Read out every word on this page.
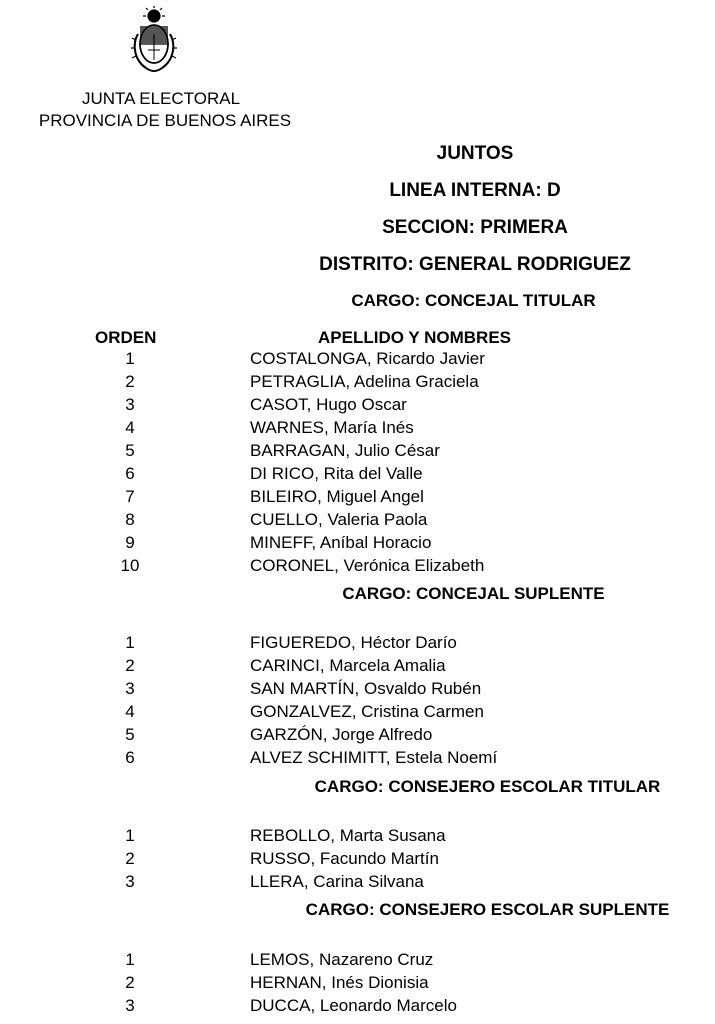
JUNTA ELECTORAL
PROVINCIA DE BUENOS AIRES
JUNTOS
LINEA INTERNA: D
SECCION: PRIMERA
DISTRITO: GENERAL RODRIGUEZ
CARGO: CONCEJAL TITULAR
ORDEN	APELLIDO Y NOMBRES
1	COSTALONGA, Ricardo Javier
2	PETRAGLIA, Adelina Graciela
3	CASOT, Hugo Oscar
4	WARNES, María Inés
5	BARRAGAN, Julio César
6	DI RICO, Rita del Valle
7	BILEIRO, Miguel Angel
8	CUELLO, Valeria Paola
9	MINEFF, Aníbal Horacio
10	CORONEL, Verónica Elizabeth
CARGO: CONCEJAL SUPLENTE
1	FIGUEREDO, Héctor Darío
2	CARINCI, Marcela Amalia
3	SAN MARTÍN, Osvaldo Rubén
4	GONZALVEZ, Cristina Carmen
5	GARZÓN, Jorge Alfredo
6	ALVEZ SCHIMITT, Estela Noemí
CARGO: CONSEJERO ESCOLAR TITULAR
1	REBOLLO, Marta Susana
2	RUSSO, Facundo Martín
3	LLERA, Carina Silvana
CARGO: CONSEJERO ESCOLAR SUPLENTE
1	LEMOS, Nazareno Cruz
2	HERNAN, Inés Dionisia
3	DUCCA, Leonardo Marcelo
